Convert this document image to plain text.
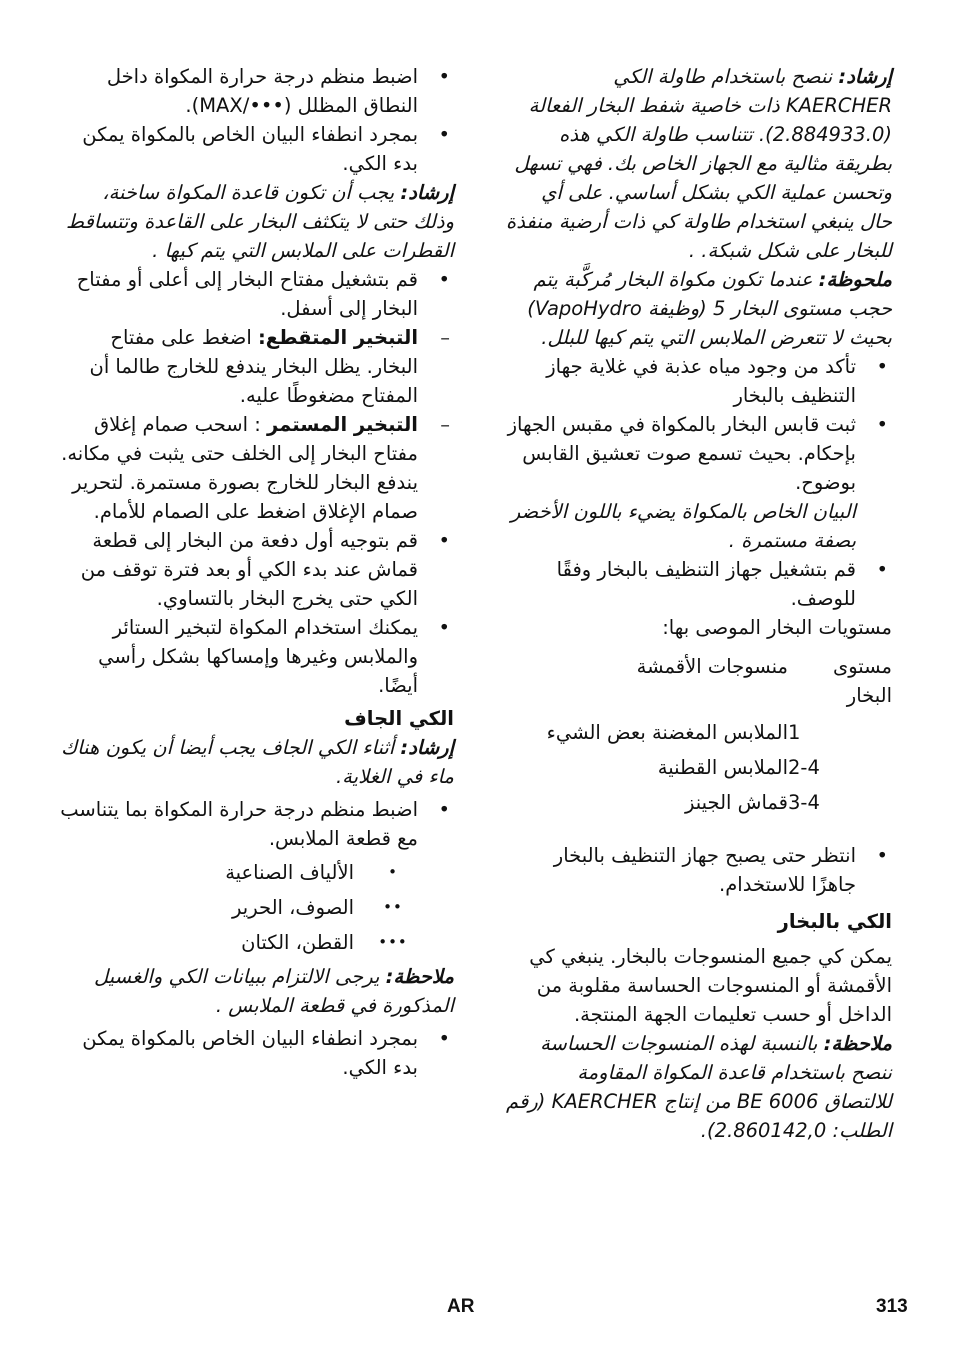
إرشاد: ننصح باستخدام طاولة الكي KAERCHER ذات خاصية شفط البخار الفعالة (2.884933.0). تتناسب طاولة الكي هذه بطريقة مثالية مع الجهاز الخاص بك. فهي تسهل وتحسن عملية الكي بشكل أساسي. على أي حال ينبغي استخدام طاولة كي ذات أرضية منفذة للبخار على شكل شبكة. .

ملحوظة: عندما تكون مكواة البخار مُركَّبة يتم حجب مستوى البخار 5 (وظيفة VapoHydro) بحيث لا تتعرض الملابس التي يتم كيها للبلل.

• تأكد من وجود مياه عذبة في غلاية جهاز التنظيف بالبخار
• ثبت قابس البخار بالمكواة في مقبس الجهاز بإحكام. بحيث تسمع صوت تعشيق القابس بوضوح.

البيان الخاص بالمكواة يضيء باللون الأخضر بصفة مستمرة .

• قم بتشغيل جهاز التنظيف بالبخار وفقًا للوصف.

مستويات البخار الموصى بها:

مستوى البخار	منسوجات الأقمشة
1	الملابس المغضنة بعض الشيء
2-4	الملابس القطنية
3-4	قماش الجينز
• انتظر حتى يصبح جهاز التنظيف بالبخار جاهزًا للاستخدام.

الكي بالبخار

يمكن كي جميع المنسوجات بالبخار. ينبغي كي الأقمشة أو المنسوجات الحساسة مقلوبة من الداخل أو حسب تعليمات الجهة المنتجة.

ملاحظة: بالنسبة لهذه المنسوجات الحساسة ننصح باستخدام قاعدة المكواة المقاومة للالتصاق BE 6006 من إنتاج KAERCHER (رقم الطلب: 2.860142,0).

• اضبط منظم درجة حرارة المكواة داخل النطاق المظلل (•••/MAX).
• بمجرد انطفاء البيان الخاص بالمكواة يمكن بدء الكي.

إرشاد: يجب أن تكون قاعدة المكواة ساخنة، وذلك حتى لا يتكثف البخار على القاعدة وتتساقط القطرات على الملابس التي يتم كيها .

• قم بتشغيل مفتاح البخار إلى أعلى أو مفتاح البخار إلى أسفل.
– التبخير المتقطع: اضغط على مفتاح البخار. يظل البخار يندفع للخارج طالما أن المفتاح مضغوطًا عليه.
– التبخير المستمر : اسحب صمام إغلاق مفتاح البخار إلى الخلف حتى يثبت في مكانه. يندفع البخار للخارج بصورة مستمرة. لتحرير صمام الإغلاق اضغط على الصمام للأمام.
• قم بتوجيه أول دفعة من البخار إلى قطعة قماش عند بدء الكي أو بعد فترة توقف من الكي حتى يخرج البخار بالتساوي.
• يمكنك استخدام المكواة لتبخير الستائر والملابس وغيرها وإمساكها بشكل رأسي أيضًا.

الكي الجاف

إرشاد: أثناء الكي الجاف يجب أيضا أن يكون هناك ماء في الغلاية.

• اضبط منظم درجة حرارة المكواة بما يتناسب مع قطعة الملابس.
•
الألياف الصناعية
••
الصوف، الحرير
•••
القطن، الكتان

ملاحظة: يرجى الالتزام ببيانات الكي والغسيل المذكورة في قطعة الملابس .

• بمجرد انطفاء البيان الخاص بالمكواة يمكن بدء الكي.
AR	313
